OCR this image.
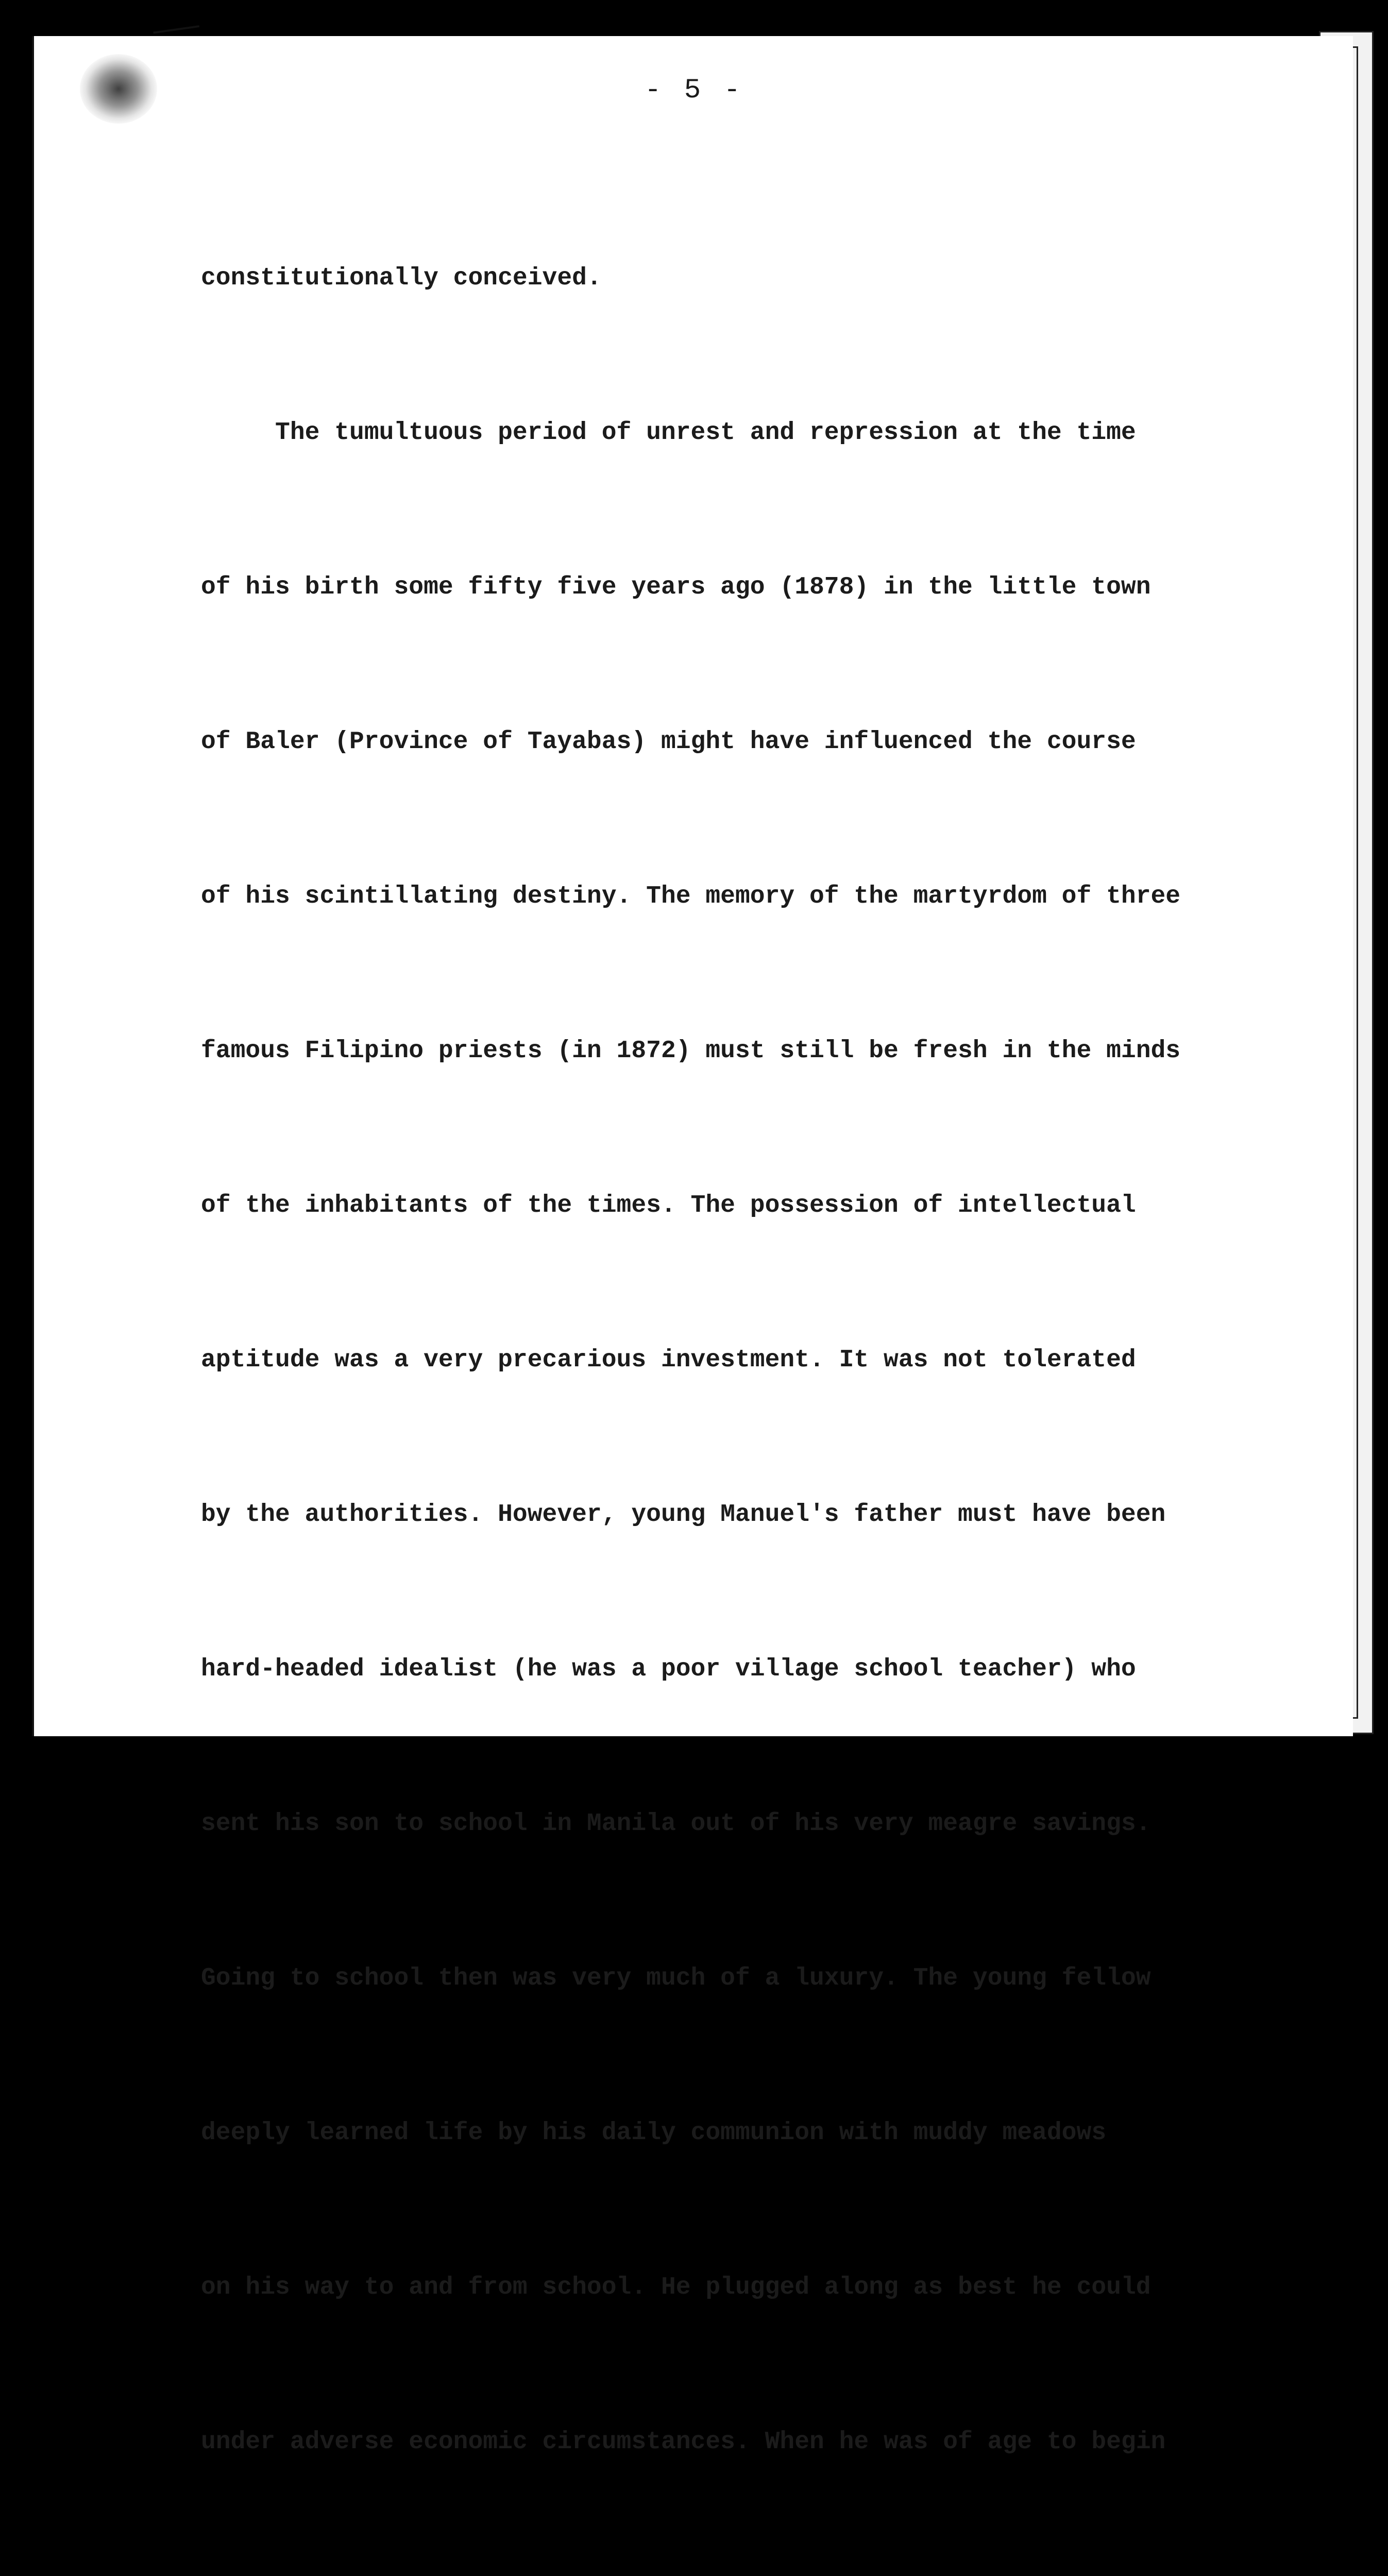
- 5 -

constitutionally conceived.

The tumultuous period of unrest and repression at the time

of his birth some fifty five years ago (1878) in the little town

of Baler (Province of Tayabas) might have influenced the course

of his scintillating destiny. The memory of the martyrdom of three

famous Filipino priests (in 1872) must still be fresh in the minds

of the inhabitants of the times. The possession of intellectual

aptitude was a very precarious investment. It was not tolerated

by the authorities. However, young Manuel's father must have been

hard-headed idealist (he was a poor village school teacher) who

sent his son to school in Manila out of his very meagre savings.

Going to school then was very much of a luxury. The young fellow

deeply learned life by his daily communion with muddy meadows

on his way to and from school. He plugged along as best he could

under adverse economic circumstances. When he was of age to begin
